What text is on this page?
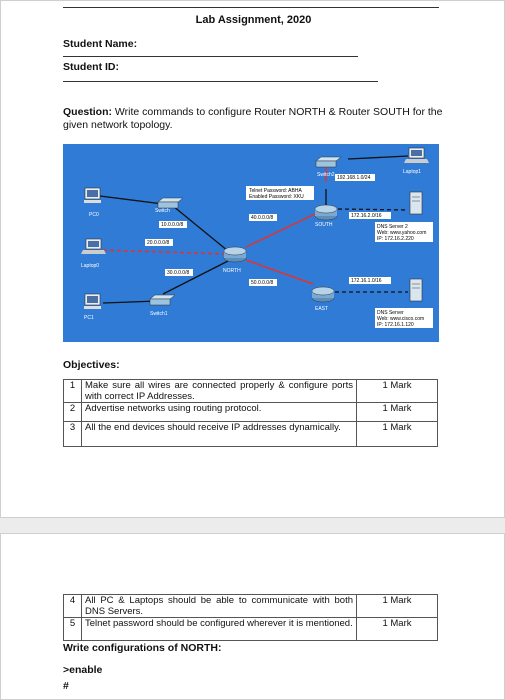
Lab Assignment, 2020
Student Name:
Student ID:
Question: Write commands to configure Router NORTH & Router SOUTH for the given network topology.
PC0
Laptop0
PC1
Laptop1
Switch
Switch1
Switch2
NORTH
SOUTH
EAST
Telnet Password: ABHA
Enabled Password: XKU
192.168.1.0/24
172.16.2.0/16
172.16.1.0/16
10.0.0.0/8
20.0.0.0/8
30.0.0.0/8
40.0.0.0/8
50.0.0.0/8
DNS Server 2
Web: www.yahoo.com
IP: 172.16.2.220
DNS Server
Web: www.cisco.com
IP: 172.16.1.120
Objectives:
1	Make sure all wires are connected properly & configure ports with correct IP Addresses.	1 Mark
2	Advertise networks using routing protocol.	1 Mark
3	All the end devices should receive IP addresses dynamically.	1 Mark
4	All PC & Laptops should be able to communicate with both DNS Servers.	1 Mark
5	Telnet password should be configured wherever it is mentioned.	1 Mark
Write configurations of NORTH:
>enable
#
